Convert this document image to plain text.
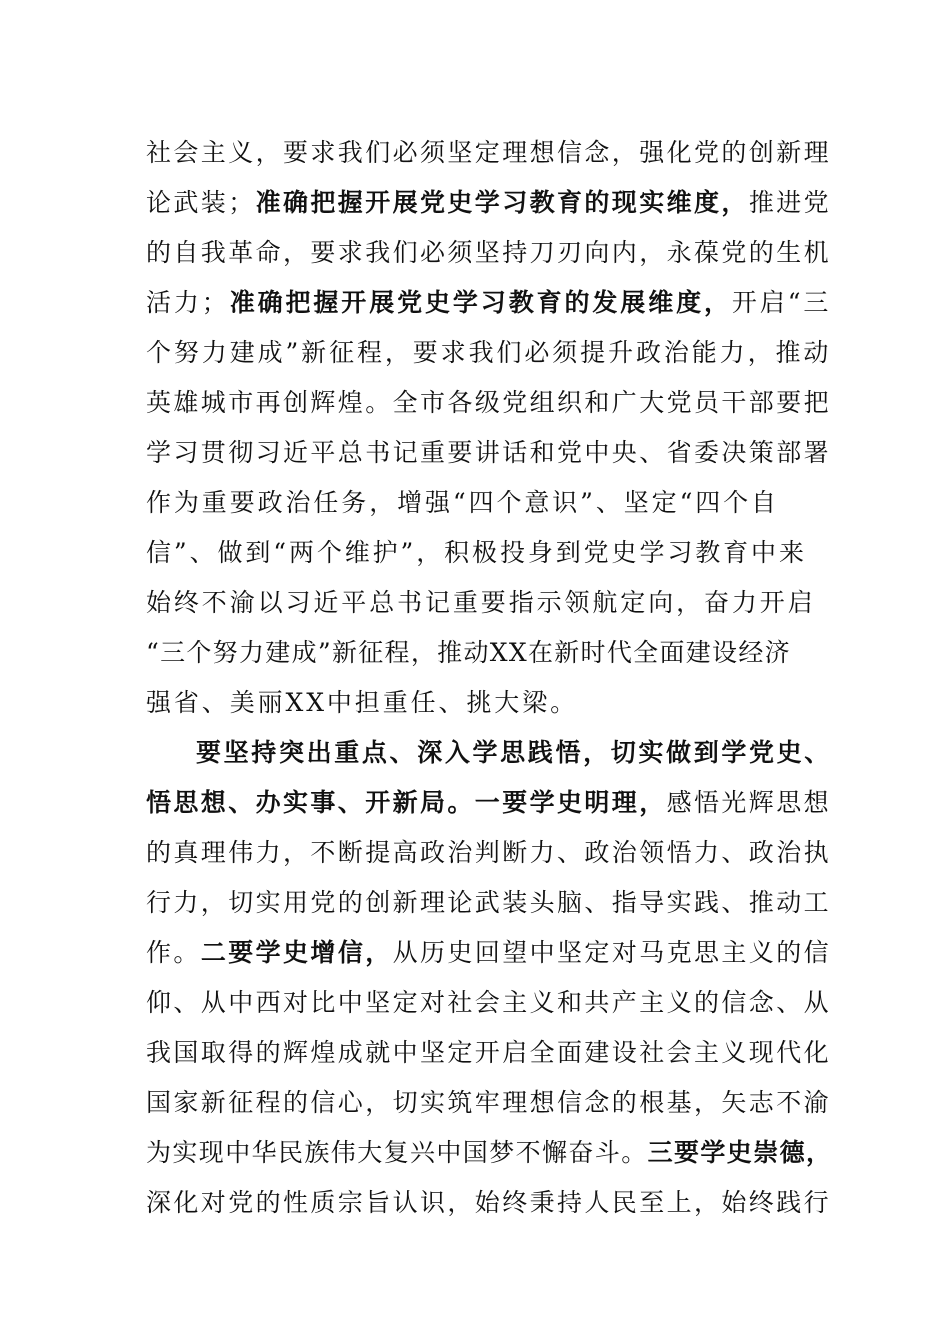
社会主义，要求我们必须坚定理想信念，强化党的创新理
论武装；准确把握开展党史学习教育的现实维度，推进党
的自我革命，要求我们必须坚持刀刃向内，永葆党的生机
活力；准确把握开展党史学习教育的发展维度，开启“三
个努力建成”新征程，要求我们必须提升政治能力，推动
英雄城市再创辉煌。全市各级党组织和广大党员干部要把
学习贯彻习近平总书记重要讲话和党中央、省委决策部署
作为重要政治任务，增强“四个意识”、坚定“四个自
信”、做到“两个维护”，积极投身到党史学习教育中来
始终不渝以习近平总书记重要指示领航定向，奋力开启
“三个努力建成”新征程，推动XX在新时代全面建设经济
强省、美丽XX中担重任、挑大梁。
要坚持突出重点、深入学思践悟，切实做到学党史、
悟思想、办实事、开新局。一要学史明理，感悟光辉思想
的真理伟力，不断提高政治判断力、政治领悟力、政治执
行力，切实用党的创新理论武装头脑、指导实践、推动工
作。二要学史增信，从历史回望中坚定对马克思主义的信
仰、从中西对比中坚定对社会主义和共产主义的信念、从
我国取得的辉煌成就中坚定开启全面建设社会主义现代化
国家新征程的信心，切实筑牢理想信念的根基，矢志不渝
为实现中华民族伟大复兴中国梦不懈奋斗。三要学史崇德，
深化对党的性质宗旨认识，始终秉持人民至上，始终践行
